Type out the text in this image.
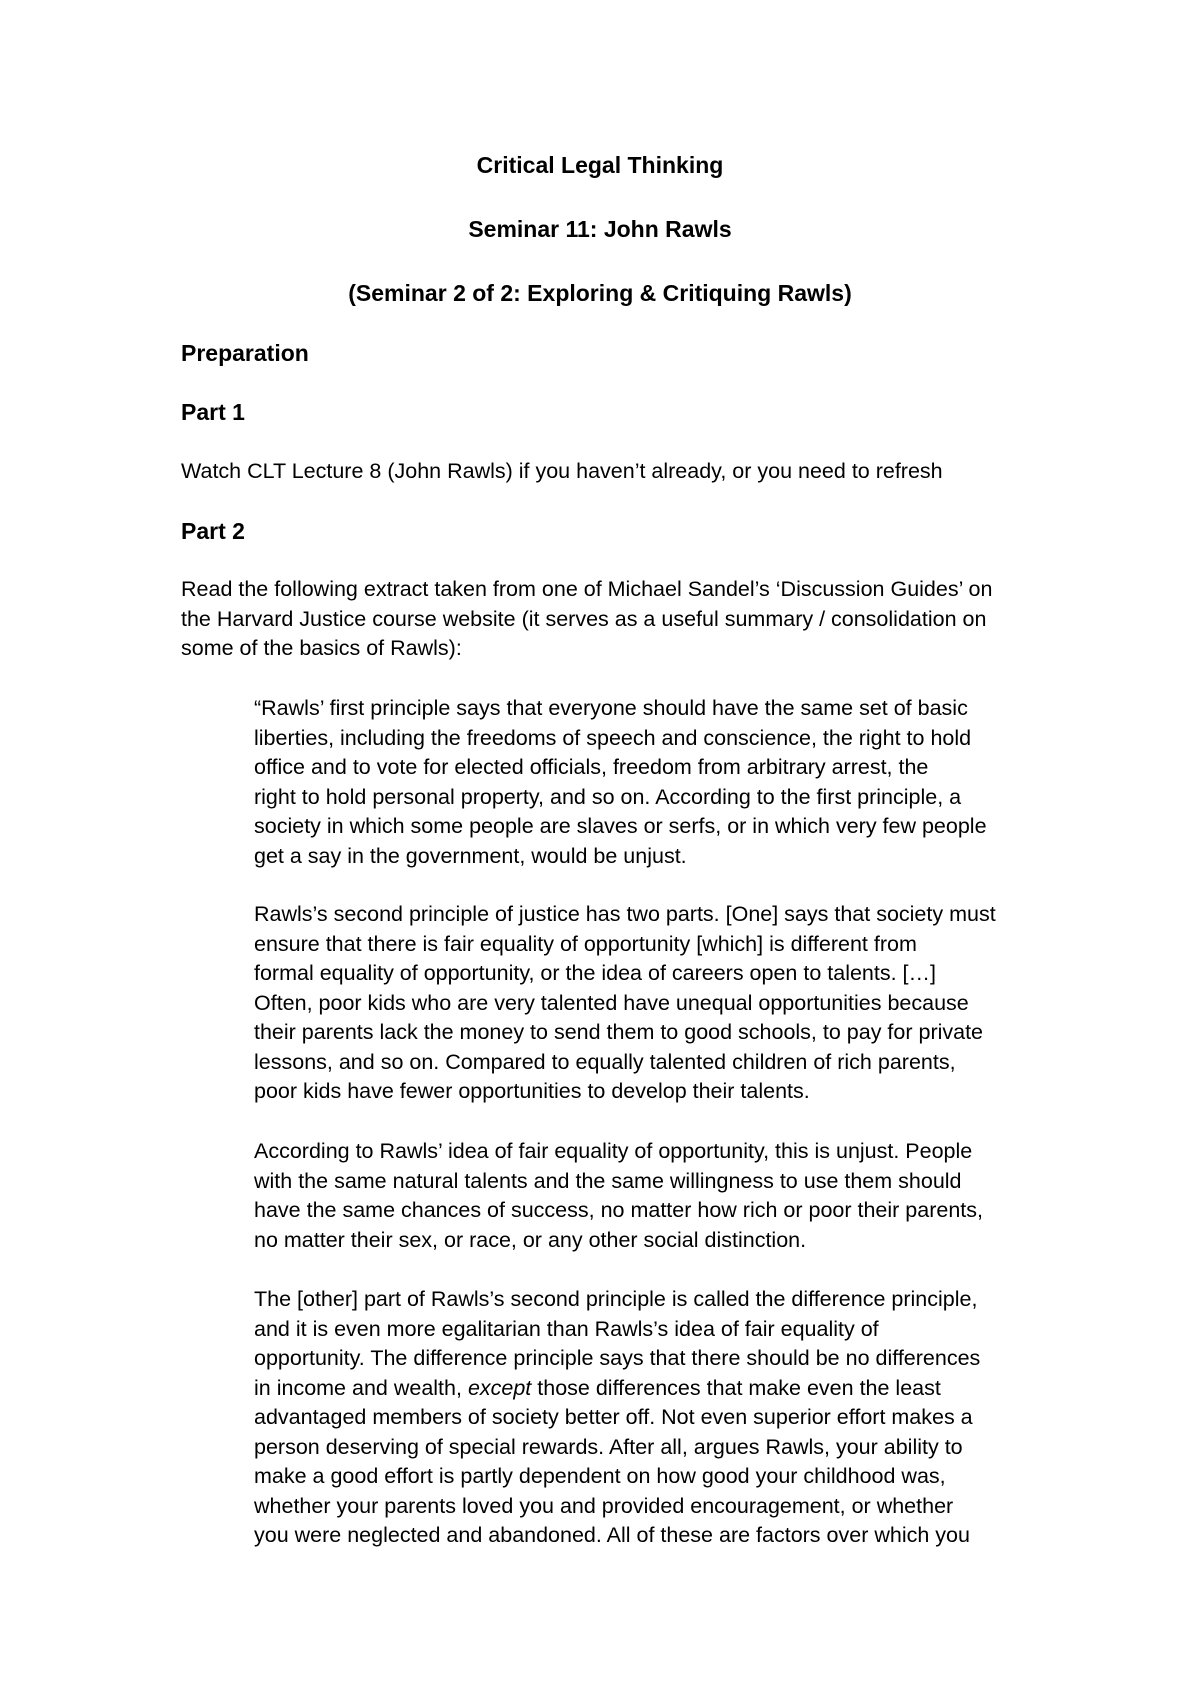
Critical Legal Thinking
Seminar 11: John Rawls
(Seminar 2 of 2: Exploring & Critiquing Rawls)
Preparation
Part 1

Watch CLT Lecture 8 (John Rawls) if you haven’t already, or you need to refresh

Part 2

Read the following extract taken from one of Michael Sandel’s ‘Discussion Guides’ on
the Harvard Justice course website (it serves as a useful summary / consolidation on
some of the basics of Rawls):

“Rawls’ first principle says that everyone should have the same set of basic
liberties, including the freedoms of speech and conscience, the right to hold
office and to vote for elected officials, freedom from arbitrary arrest, the
right to hold personal property, and so on. According to the first principle, a
society in which some people are slaves or serfs, or in which very few people
get a say in the government, would be unjust.

Rawls’s second principle of justice has two parts. [One] says that society must
ensure that there is fair equality of opportunity [which] is different from
formal equality of opportunity, or the idea of careers open to talents. […]
Often, poor kids who are very talented have unequal opportunities because
their parents lack the money to send them to good schools, to pay for private
lessons, and so on. Compared to equally talented children of rich parents,
poor kids have fewer opportunities to develop their talents.

According to Rawls’ idea of fair equality of opportunity, this is unjust. People
with the same natural talents and the same willingness to use them should
have the same chances of success, no matter how rich or poor their parents,
no matter their sex, or race, or any other social distinction.

The [other] part of Rawls’s second principle is called the difference principle,
and it is even more egalitarian than Rawls’s idea of fair equality of
opportunity. The difference principle says that there should be no differences
in income and wealth, except those differences that make even the least
advantaged members of society better off. Not even superior effort makes a
person deserving of special rewards. After all, argues Rawls, your ability to
make a good effort is partly dependent on how good your childhood was,
whether your parents loved you and provided encouragement, or whether
you were neglected and abandoned. All of these are factors over which you
